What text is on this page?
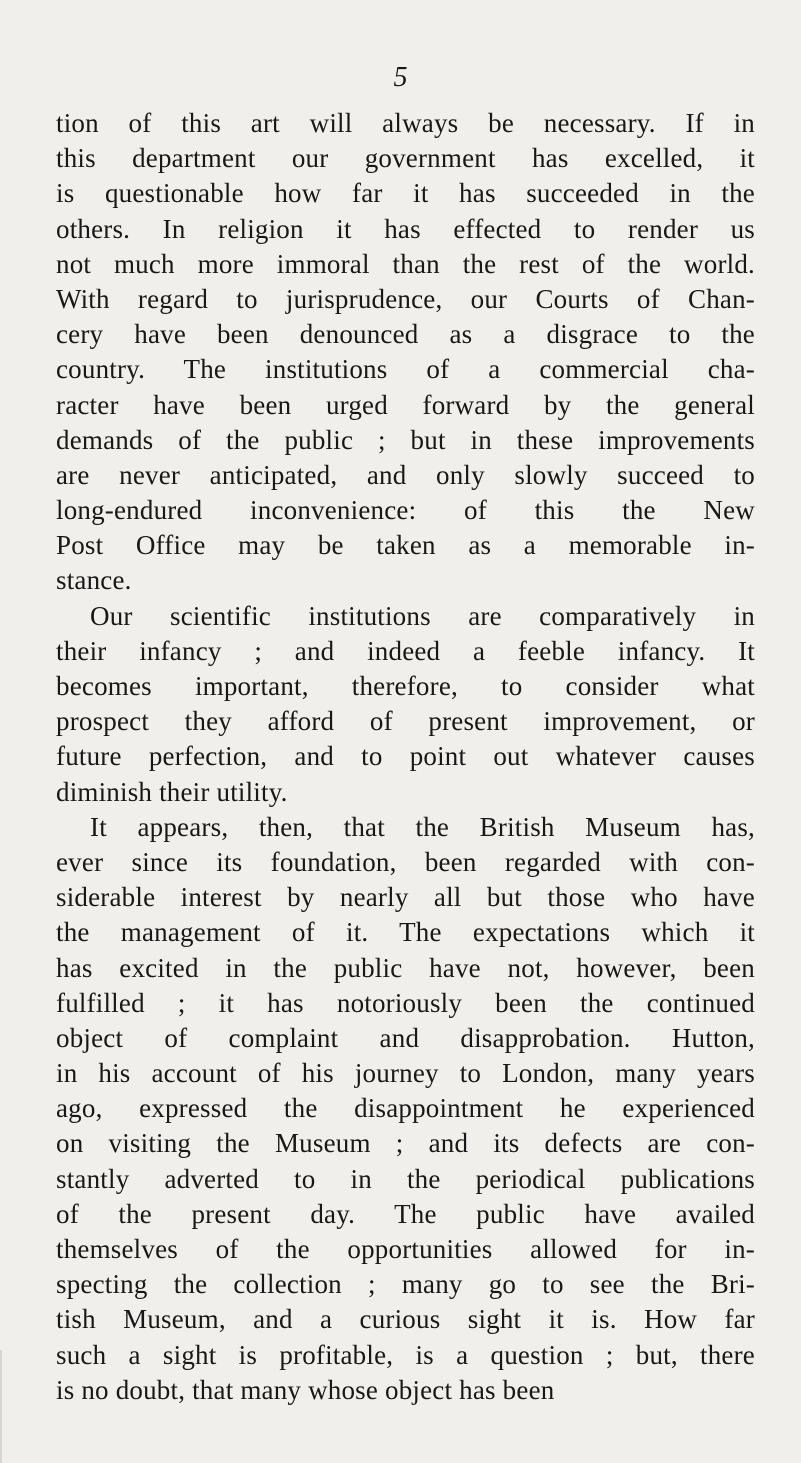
5
tion of this art will always be necessary. If in
this department our government has excelled, it
is questionable how far it has succeeded in the
others. In religion it has effected to render us
not much more immoral than the rest of the world.
With regard to jurisprudence, our Courts of Chan-
cery have been denounced as a disgrace to the
country. The institutions of a commercial cha-
racter have been urged forward by the general
demands of the public ; but in these improvements
are never anticipated, and only slowly succeed to
long-endured inconvenience: of this the New
Post Office may be taken as a memorable in-
stance.
Our scientific institutions are comparatively in
their infancy ; and indeed a feeble infancy. It
becomes important, therefore, to consider what
prospect they afford of present improvement, or
future perfection, and to point out whatever causes
diminish their utility.
It appears, then, that the British Museum has,
ever since its foundation, been regarded with con-
siderable interest by nearly all but those who have
the management of it. The expectations which it
has excited in the public have not, however, been
fulfilled ; it has notoriously been the continued
object of complaint and disapprobation. Hutton,
in his account of his journey to London, many years
ago, expressed the disappointment he experienced
on visiting the Museum ; and its defects are con-
stantly adverted to in the periodical publications
of the present day. The public have availed
themselves of the opportunities allowed for in-
specting the collection ; many go to see the Bri-
tish Museum, and a curious sight it is. How far
such a sight is profitable, is a question ; but, there
is no doubt, that many whose object has been
